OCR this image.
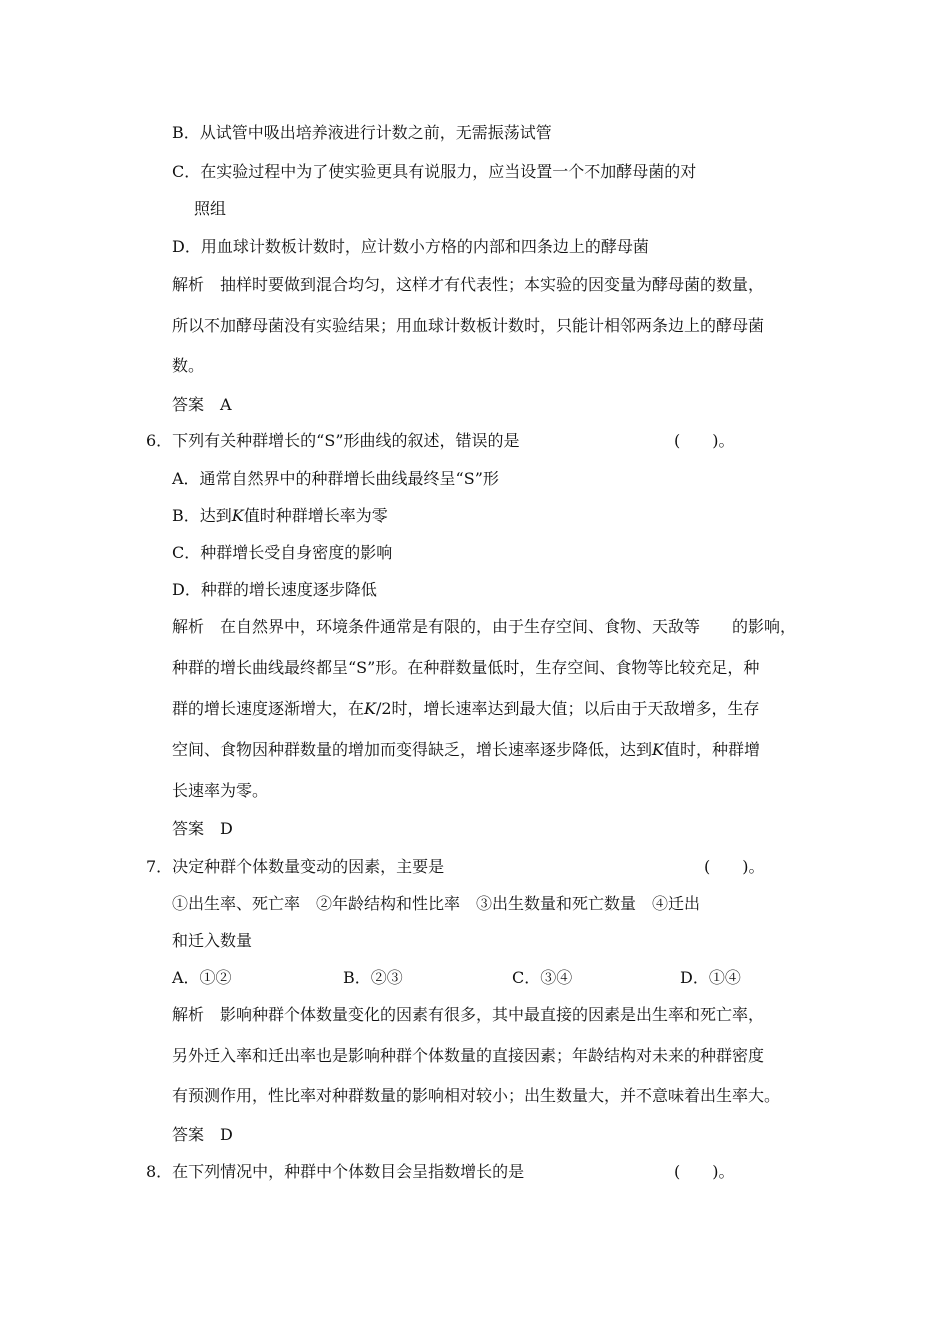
B．从试管中吸出培养液进行计数之前，无需振荡试管
C．在实验过程中为了使实验更具有说服力，应当设置一个不加酵母菌的对
照组
D．用血球计数板计数时，应计数小方格的内部和四条边上的酵母菌
解析 抽样时要做到混合均匀，这样才有代表性；本实验的因变量为酵母菌的数量，
所以不加酵母菌没有实验结果；用血球计数板计数时，只能计相邻两条边上的酵母菌
数。
答案　A
6．下列有关种群增长的“S”形曲线的叙述，错误的是	(　　)。
A．通常自然界中的种群增长曲线最终呈“S”形
B．达到K值时种群增长率为零
C．种群增长受自身密度的影响
D．种群的增长速度逐步降低
解析 在自然界中，环境条件通常是有限的，由于生存空间、食物、天敌等　　的影响，
种群的增长曲线最终都呈“S”形。在种群数量低时，生存空间、食物等比较充足，种
群的增长速度逐渐增大，在K/2时，增长速率达到最大值；以后由于天敌增多，生存
空间、食物因种群数量的增加而变得缺乏，增长速率逐步降低，达到K值时，种群增
长速率为零。
答案　D
7．决定种群个体数量变动的因素，主要是	(　　)。
①出生率、死亡率　②年龄结构和性比率　③出生数量和死亡数量　④迁出
和迁入数量
A．①②	B．②③	C．③④	D．①④
解析 影响种群个体数量变化的因素有很多，其中最直接的因素是出生率和死亡率，
另外迁入率和迁出率也是影响种群个体数量的直接因素；年龄结构对未来的种群密度
有预测作用，性比率对种群数量的影响相对较小；出生数量大，并不意味着出生率大。
答案　D
8．在下列情况中，种群中个体数目会呈指数增长的是	(　　)。
